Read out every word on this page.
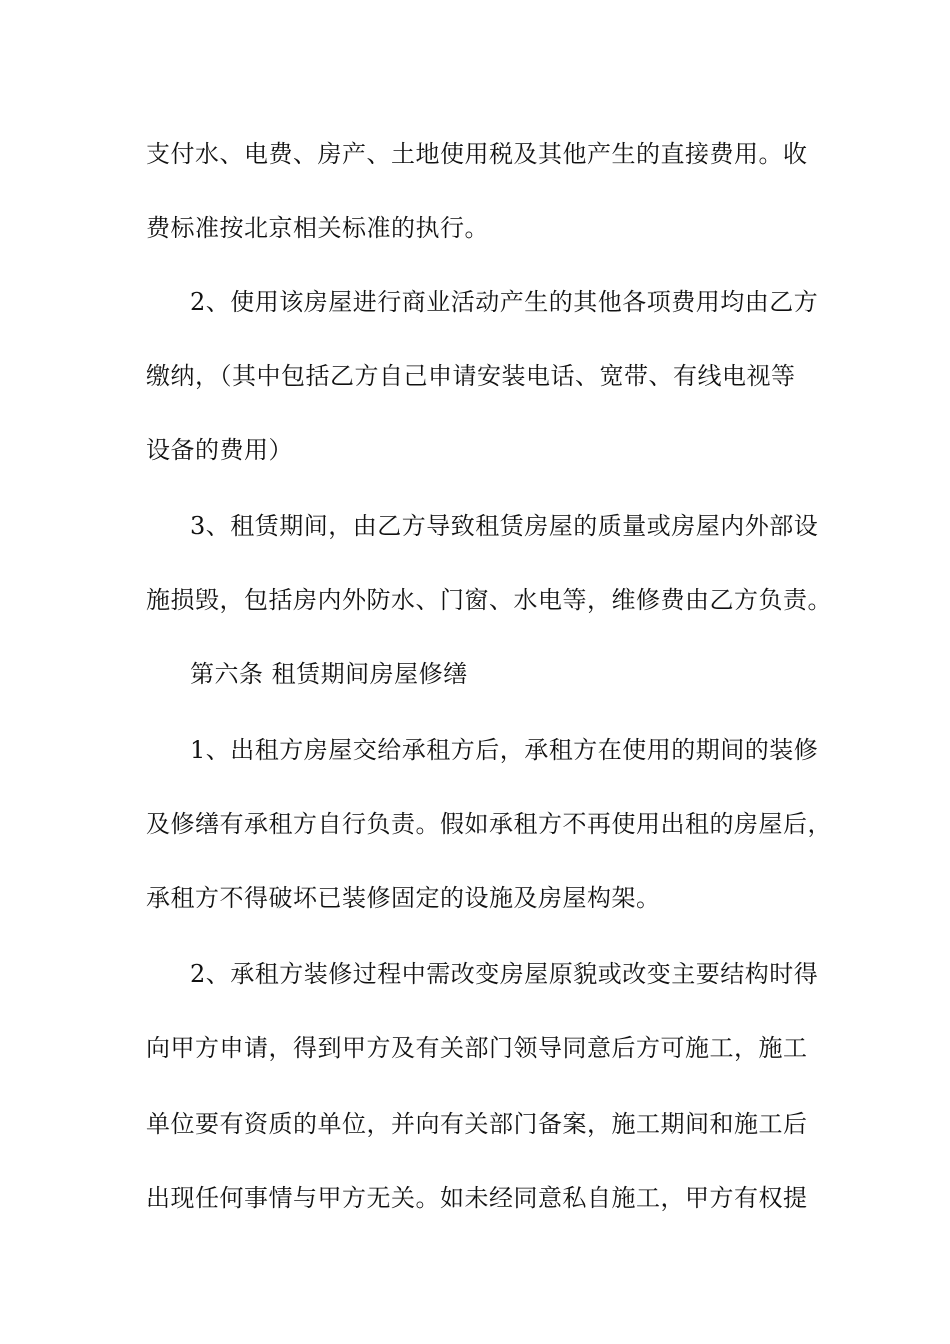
支付水、电费、房产、土地使用税及其他产生的直接费用。收
费标准按北京相关标准的执行。
2、使用该房屋进行商业活动产生的其他各项费用均由乙方
缴纳，（其中包括乙方自己申请安装电话、宽带、有线电视等
设备的费用）
3、租赁期间，由乙方导致租赁房屋的质量或房屋内外部设
施损毁，包括房内外防水、门窗、水电等，维修费由乙方负责。
第六条 租赁期间房屋修缮
1、出租方房屋交给承租方后，承租方在使用的期间的装修
及修缮有承租方自行负责。假如承租方不再使用出租的房屋后，
承租方不得破坏已装修固定的设施及房屋构架。
2、承租方装修过程中需改变房屋原貌或改变主要结构时得
向甲方申请，得到甲方及有关部门领导同意后方可施工，施工
单位要有资质的单位，并向有关部门备案，施工期间和施工后
出现任何事情与甲方无关。如未经同意私自施工，甲方有权提
